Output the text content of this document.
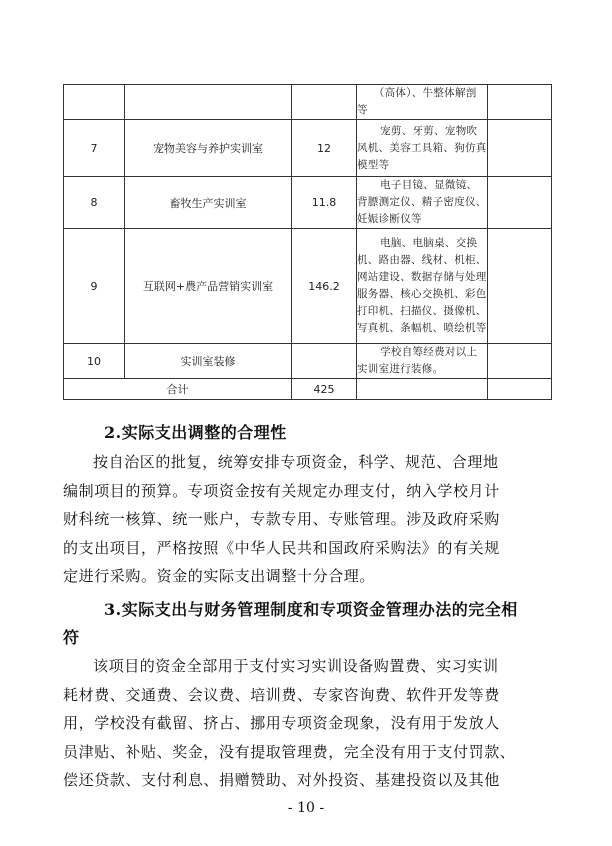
			（高体）、牛整体解剖等	

7	宠物美容与养护实训室	12	宠剪、牙剪、宠物吹风机、美容工具箱、狗仿真模型等	

8	畜牧生产实训室	11.8	电子目镜、显微镜、背膘测定仪、精子密度仪、妊娠诊断仪等	

9	互联网+農产品营销实训室	146.2	电脑、电脑桌、交换机、路由器、线材、机柜、网站建设、数据存储与处理服务器、核心交换机、彩色打印机、扫描仪、摄像机、写真机、条幅机、喷绘机等	

10	实训室装修		学校自筹经费对以上实训室进行装修。	

合计		425		
2.实际支出调整的合理性
按自治区的批复，统筹安排专项资金，科学、规范、合理地
编制项目的预算。专项资金按有关规定办理支付，纳入学校月计
财科统一核算、统一账户，专款专用、专账管理。涉及政府采购
的支出项目，严格按照《中华人民共和国政府采购法》的有关规
定进行采购。资金的实际支出调整十分合理。
3.实际支出与财务管理制度和专项资金管理办法的完全相
符
该项目的资金全部用于支付实习实训设备购置费、实习实训
耗材费、交通费、会议费、培训费、专家咨询费、软件开发等费
用，学校没有截留、挤占、挪用专项资金现象，没有用于发放人
员津贴、补贴、奖金，没有提取管理费，完全没有用于支付罚款、
偿还贷款、支付利息、捐赠赞助、对外投资、基建投资以及其他
- 10 -
